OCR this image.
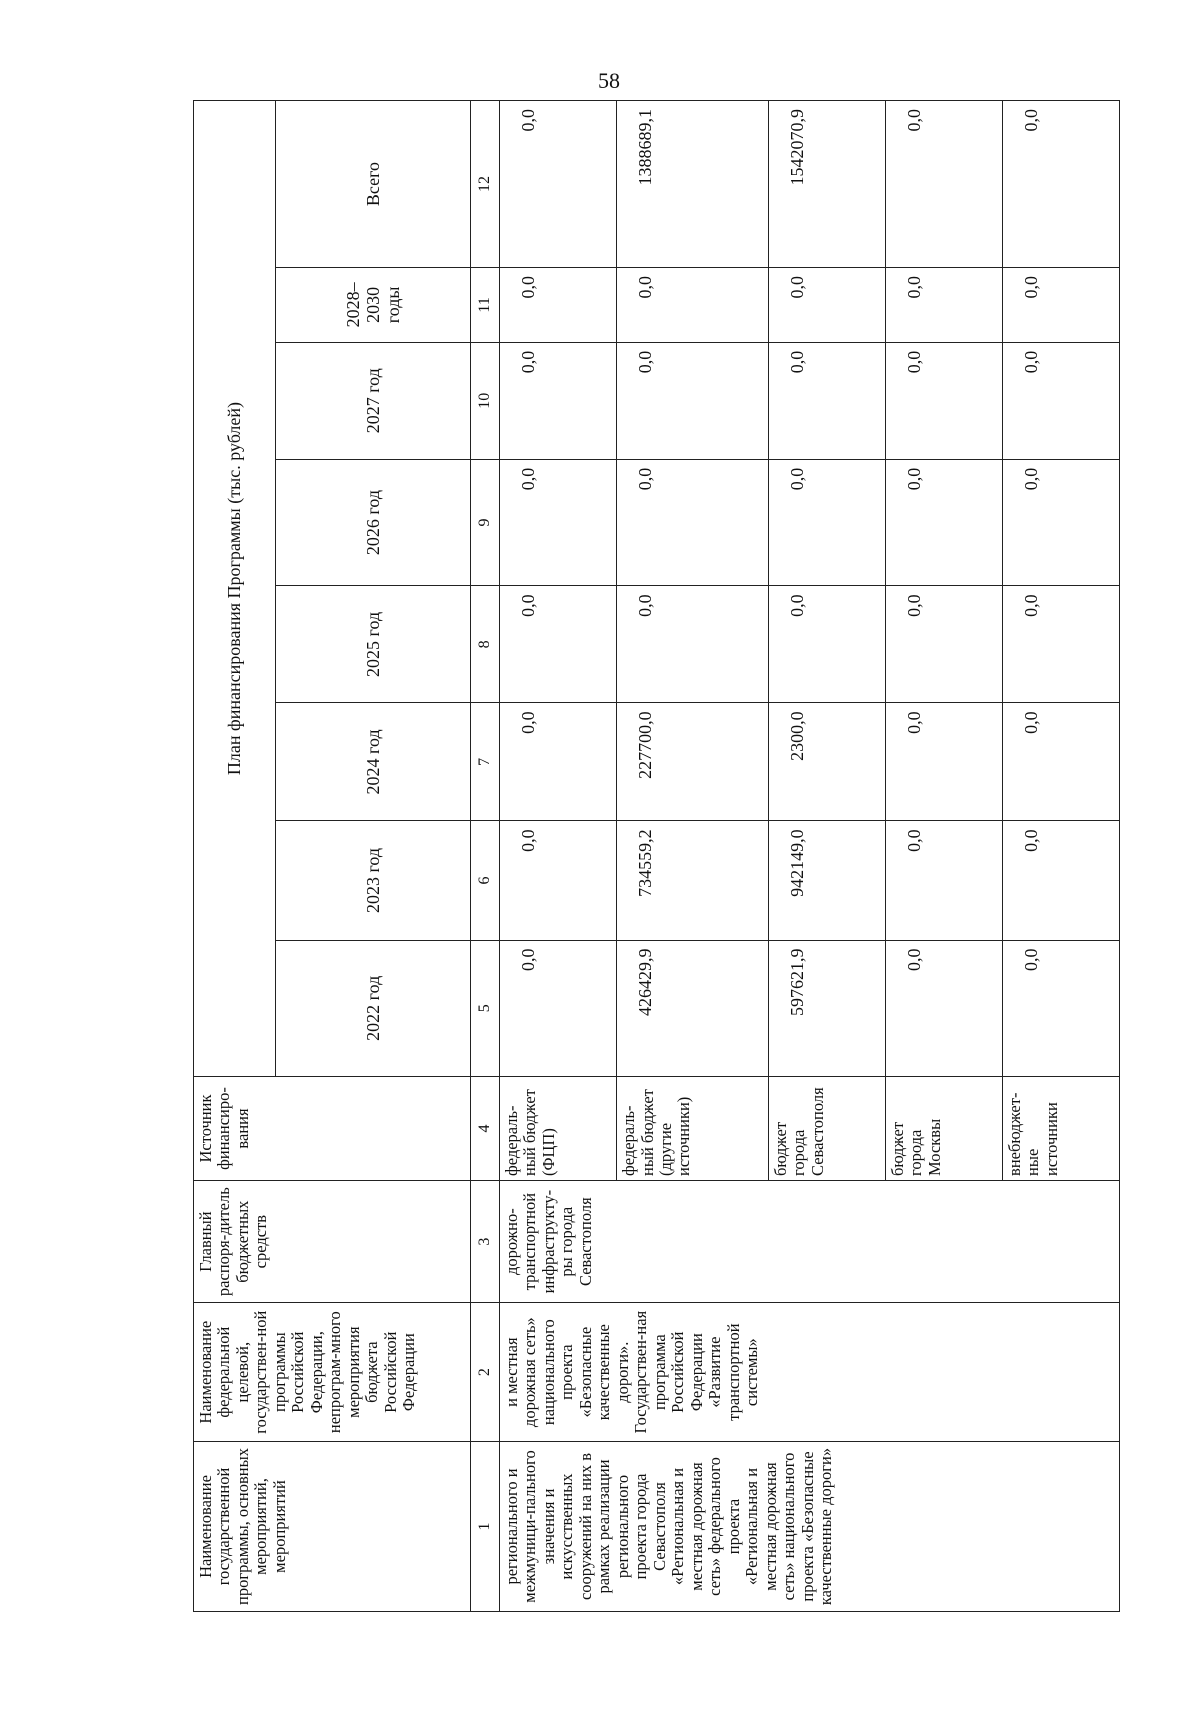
58
Наименование государственной программы, основных мероприятий, мероприятий	Наименование федеральной целевой, государствен-ной программы Российской Федерации, непрограм-много мероприятия бюджета Российской Федерации	Главный распоря-дитель бюджетных средств	Источник финансиро-вания	План финансирования Программы (тыс. рублей)							
				2022 год	2023 год	2024 год	2025 год	2026 год	2027 год	2028–2030 годы	Всего
1	2	3	4	5	6	7	8	9	10	11	12
регионального и межмуници-пального значения и искусственных сооружений на них в рамках реализации регионального проекта города Севастополя «Региональная и местная дорожная сеть» федерального проекта «Региональная и местная дорожная сеть» национального проекта «Безопасные качественные дороги»	и местная дорожная сеть» национального проекта «Безопасные качественные дороги». Государствен-ная программа Российской Федерации «Развитие транспортной системы»	дорожно-транспортной инфраструкту-ры города Севастополя	федераль-ный бюджет (ФЦП)	0,0	0,0	0,0	0,0	0,0	0,0	0,0	0,0
			федераль-ный бюджет (другие источники)	426429,9	734559,2	227700,0	0,0	0,0	0,0	0,0	1388689,1
			бюджет города Севастополя	597621,9	942149,0	2300,0	0,0	0,0	0,0	0,0	1542070,9
			бюджет города Москвы	0,0	0,0	0,0	0,0	0,0	0,0	0,0	0,0
			внебюджет-ные источники	0,0	0,0	0,0	0,0	0,0	0,0	0,0	0,0
